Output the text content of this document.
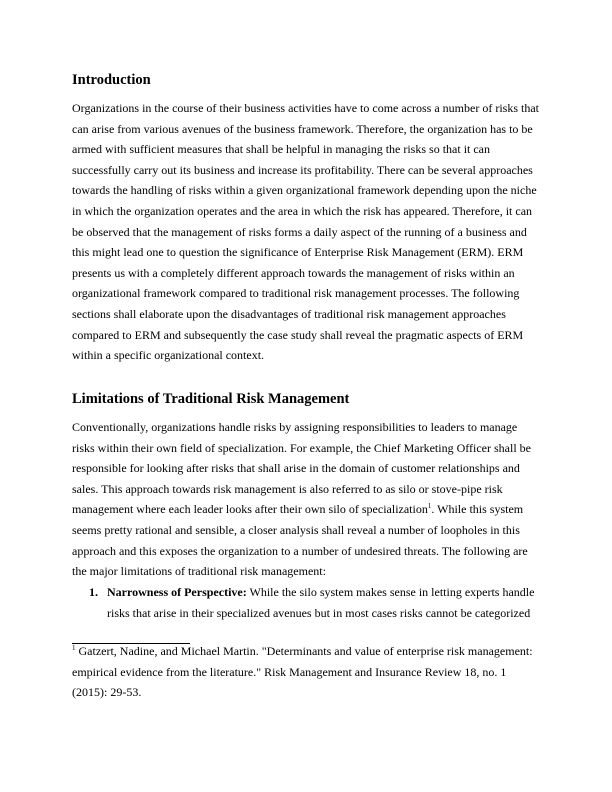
Introduction
Organizations in the course of their business activities have to come across a number of risks that
can arise from various avenues of the business framework. Therefore, the organization has to be
armed with sufficient measures that shall be helpful in managing the risks so that it can
successfully carry out its business and increase its profitability. There can be several approaches
towards the handling of risks within a given organizational framework depending upon the niche
in which the organization operates and the area in which the risk has appeared. Therefore, it can
be observed that the management of risks forms a daily aspect of the running of a business and
this might lead one to question the significance of Enterprise Risk Management (ERM). ERM
presents us with a completely different approach towards the management of risks within an
organizational framework compared to traditional risk management processes. The following
sections shall elaborate upon the disadvantages of traditional risk management approaches
compared to ERM and subsequently the case study shall reveal the pragmatic aspects of ERM
within a specific organizational context.
Limitations of Traditional Risk Management
Conventionally, organizations handle risks by assigning responsibilities to leaders to manage
risks within their own field of specialization. For example, the Chief Marketing Officer shall be
responsible for looking after risks that shall arise in the domain of customer relationships and
sales. This approach towards risk management is also referred to as silo or stove-pipe risk
management where each leader looks after their own silo of specialization$^1$. While this system
seems pretty rational and sensible, a closer analysis shall reveal a number of loopholes in this
approach and this exposes the organization to a number of undesired threats. The following are
the major limitations of traditional risk management:
1. Narrowness of Perspective: While the silo system makes sense in letting experts handle
risks that arise in their specialized avenues but in most cases risks cannot be categorized
$^1$ Gatzert, Nadine, and Michael Martin. "Determinants and value of enterprise risk management:
empirical evidence from the literature." Risk Management and Insurance Review 18, no. 1
(2015): 29-53.
